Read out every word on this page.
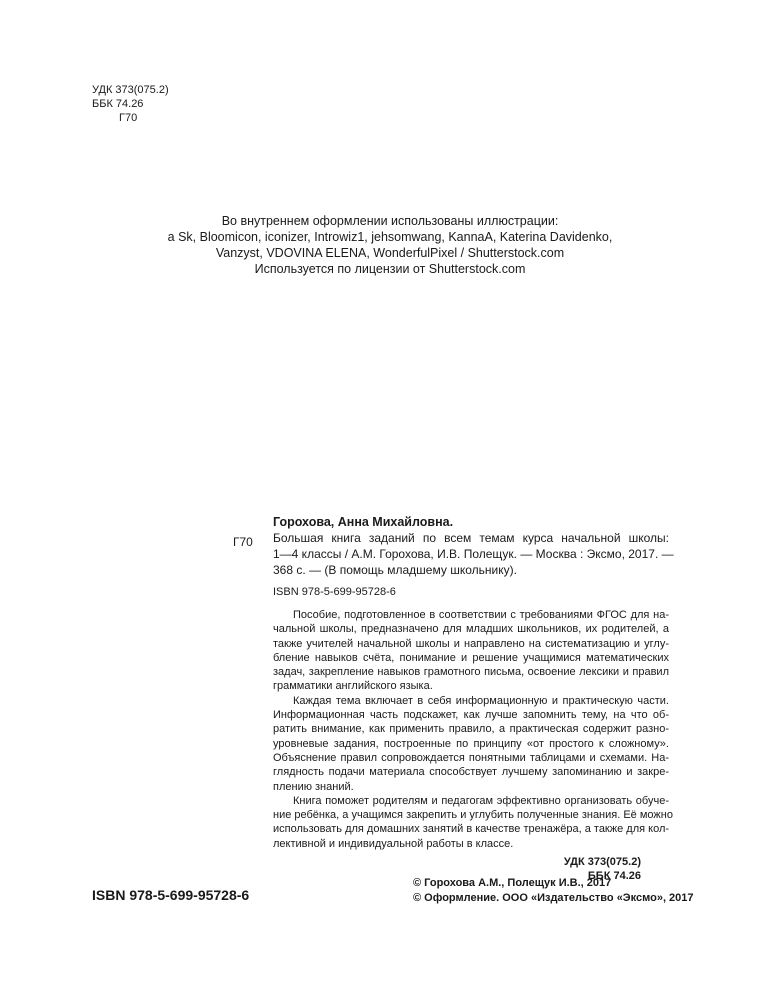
УДК 373(075.2)
ББК 74.26
Г70
Во внутреннем оформлении использованы иллюстрации:
a Sk, Bloomicon, iconizer, Introwiz1, jehsomwang, KannaA, Katerina Davidenko,
Vanzyst, VDOVINA ELENA, WonderfulPixel / Shutterstock.com
Используется по лицензии от Shutterstock.com
Г70
Горохова, Анна Михайловна.
Большая книга заданий по всем темам курса начальной школы:
1—4 классы / А.М. Горохова, И.В. Полещук. — Москва : Эксмо, 2017. —
368 с. — (В помощь младшему школьнику).
ISBN 978-5-699-95728-6
Пособие, подготовленное в соответствии с требованиями ФГОС для на-
чальной школы, предназначено для младших школьников, их родителей, а
также учителей начальной школы и направлено на систематизацию и углу-
бление навыков счёта, понимание и решение учащимися математических
задач, закрепление навыков грамотного письма, освоение лексики и правил
грамматики английского языка.
Каждая тема включает в себя информационную и практическую части.
Информационная часть подскажет, как лучше запомнить тему, на что об-
ратить внимание, как применить правило, а практическая содержит разно-
уровневые задания, построенные по принципу «от простого к сложному».
Объяснение правил сопровождается понятными таблицами и схемами. На-
глядность подачи материала способствует лучшему запоминанию и закре-
плению знаний.
Книга поможет родителям и педагогам эффективно организовать обуче-
ние ребёнка, а учащимся закрепить и углубить полученные знания. Её можно
использовать для домашних занятий в качестве тренажёра, а также для кол-
лективной и индивидуальной работы в классе.
УДК 373(075.2)
ББК 74.26
ISBN 978-5-699-95728-6
© Горохова А.М., Полещук И.В., 2017
© Оформление. ООО «Издательство «Эксмо», 2017
